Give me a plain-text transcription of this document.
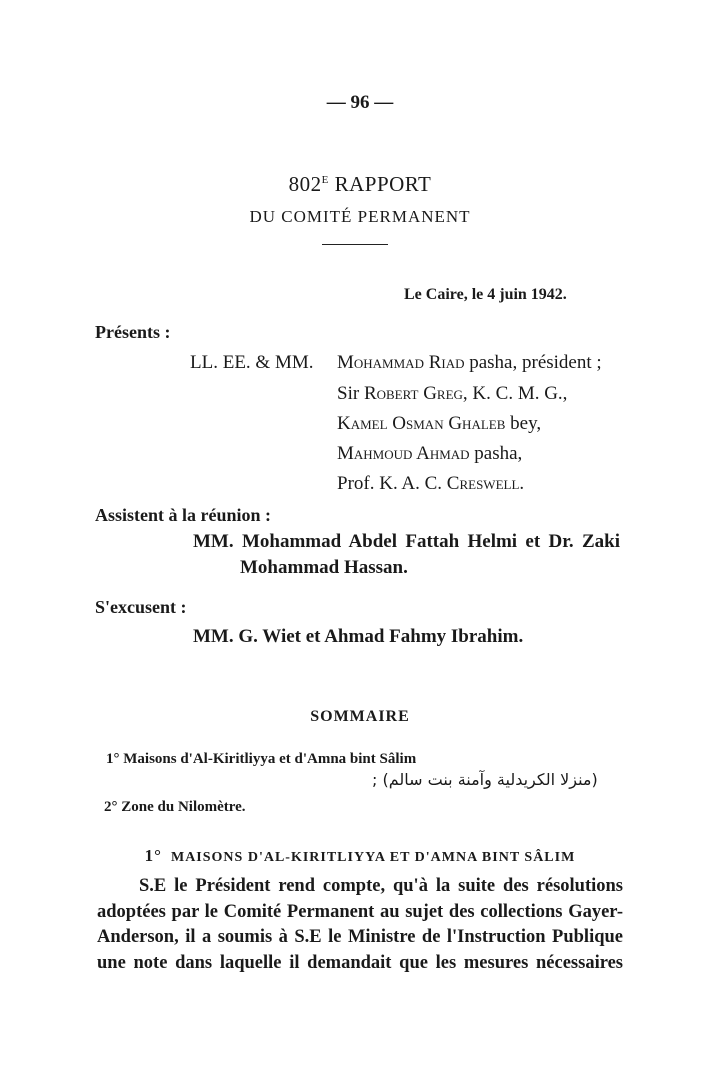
— 96 —
$802^E$ RAPPORT
DU COMITÉ PERMANENT
Le Caire, le 4 juin 1942.
Présents :
LL. EE. & MM. Mohammad Riad pasha, président ;
Sir Robert Greg, K. C. M. G.,
Kamel Osman Ghaleb bey,
Mahmoud Ahmad pasha,
Prof. K. A. C. Creswell.
Assistent à la réunion :
MM. Mohammad Abdel Fattah Helmi et Dr. Zaki
Mohammad Hassan.
S'excusent :
MM. G. Wiet et Ahmad Fahmy Ibrahim.
SOMMAIRE
1° Maisons d'Al-Kiritliyya et d'Amna bint Sâlim
(منزلا الكريدلية وآمنة بنت سالم) ;
2° Zone du Nilomètre.
1° MAISONS D'AL-KIRITLIYYA ET D'AMNA BINT SÂLIM

S.E le Président rend compte, qu'à la suite des résolutions

adoptées par le Comité Permanent au sujet des collections Gayer-

Anderson, il a soumis à S.E le Ministre de l'Instruction Publique

une note dans laquelle il demandait que les mesures nécessaires
